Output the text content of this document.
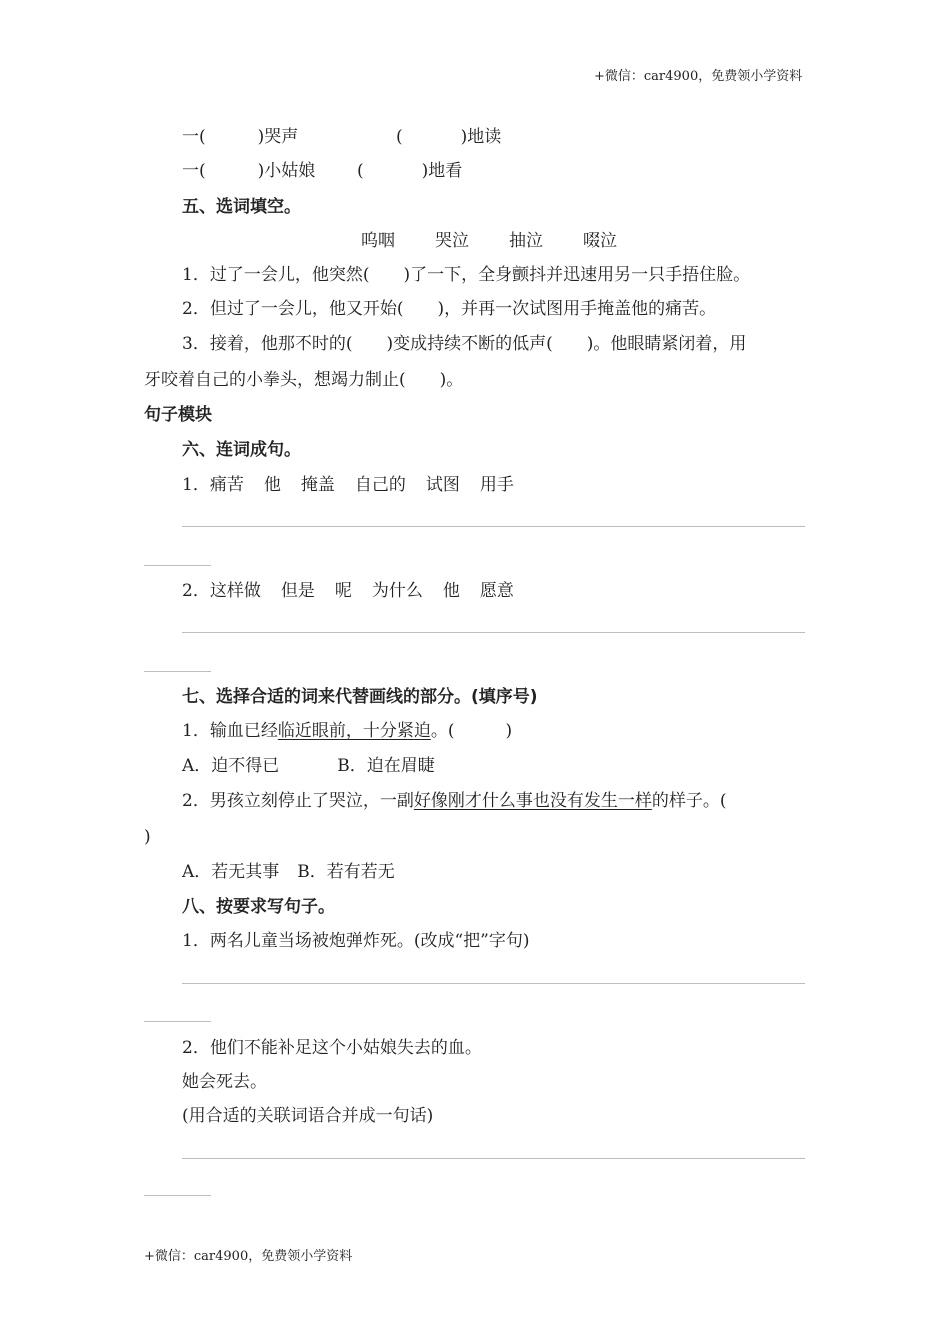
+微信：car4900，免费领小学资料
一(	)哭声	(	)地读
一(	)小姑娘 (	)地看
五、选词填空。
呜咽 哭泣 抽泣 啜泣
1．过了一会儿，他突然(　　)了一下，全身颤抖并迅速用另一只手捂住脸。
2．但过了一会儿，他又开始(　　)，并再一次试图用手掩盖他的痛苦。
3．接着，他那不时的(　　)变成持续不断的低声(　　)。他眼睛紧闭着，用
牙咬着自己的小拳头，想竭力制止(　　)。
句子模块
六、连词成句。
1．痛苦 他 掩盖 自己的 试图 用手
2．这样做 但是 呢 为什么 他 愿意
七、选择合适的词来代替画线的部分。(填序号)
1．输血已经临近眼前，十分紧迫。(　　　)
A．迫不得已	B．迫在眉睫
2．男孩立刻停止了哭泣，一副好像刚才什么事也没有发生一样的样子。(
)
A．若无其事 B．若有若无
八、按要求写句子。
1．两名儿童当场被炮弹炸死。(改成“把”字句)
2．他们不能补足这个小姑娘失去的血。
她会死去。
(用合适的关联词语合并成一句话)
+微信：car4900，免费领小学资料
